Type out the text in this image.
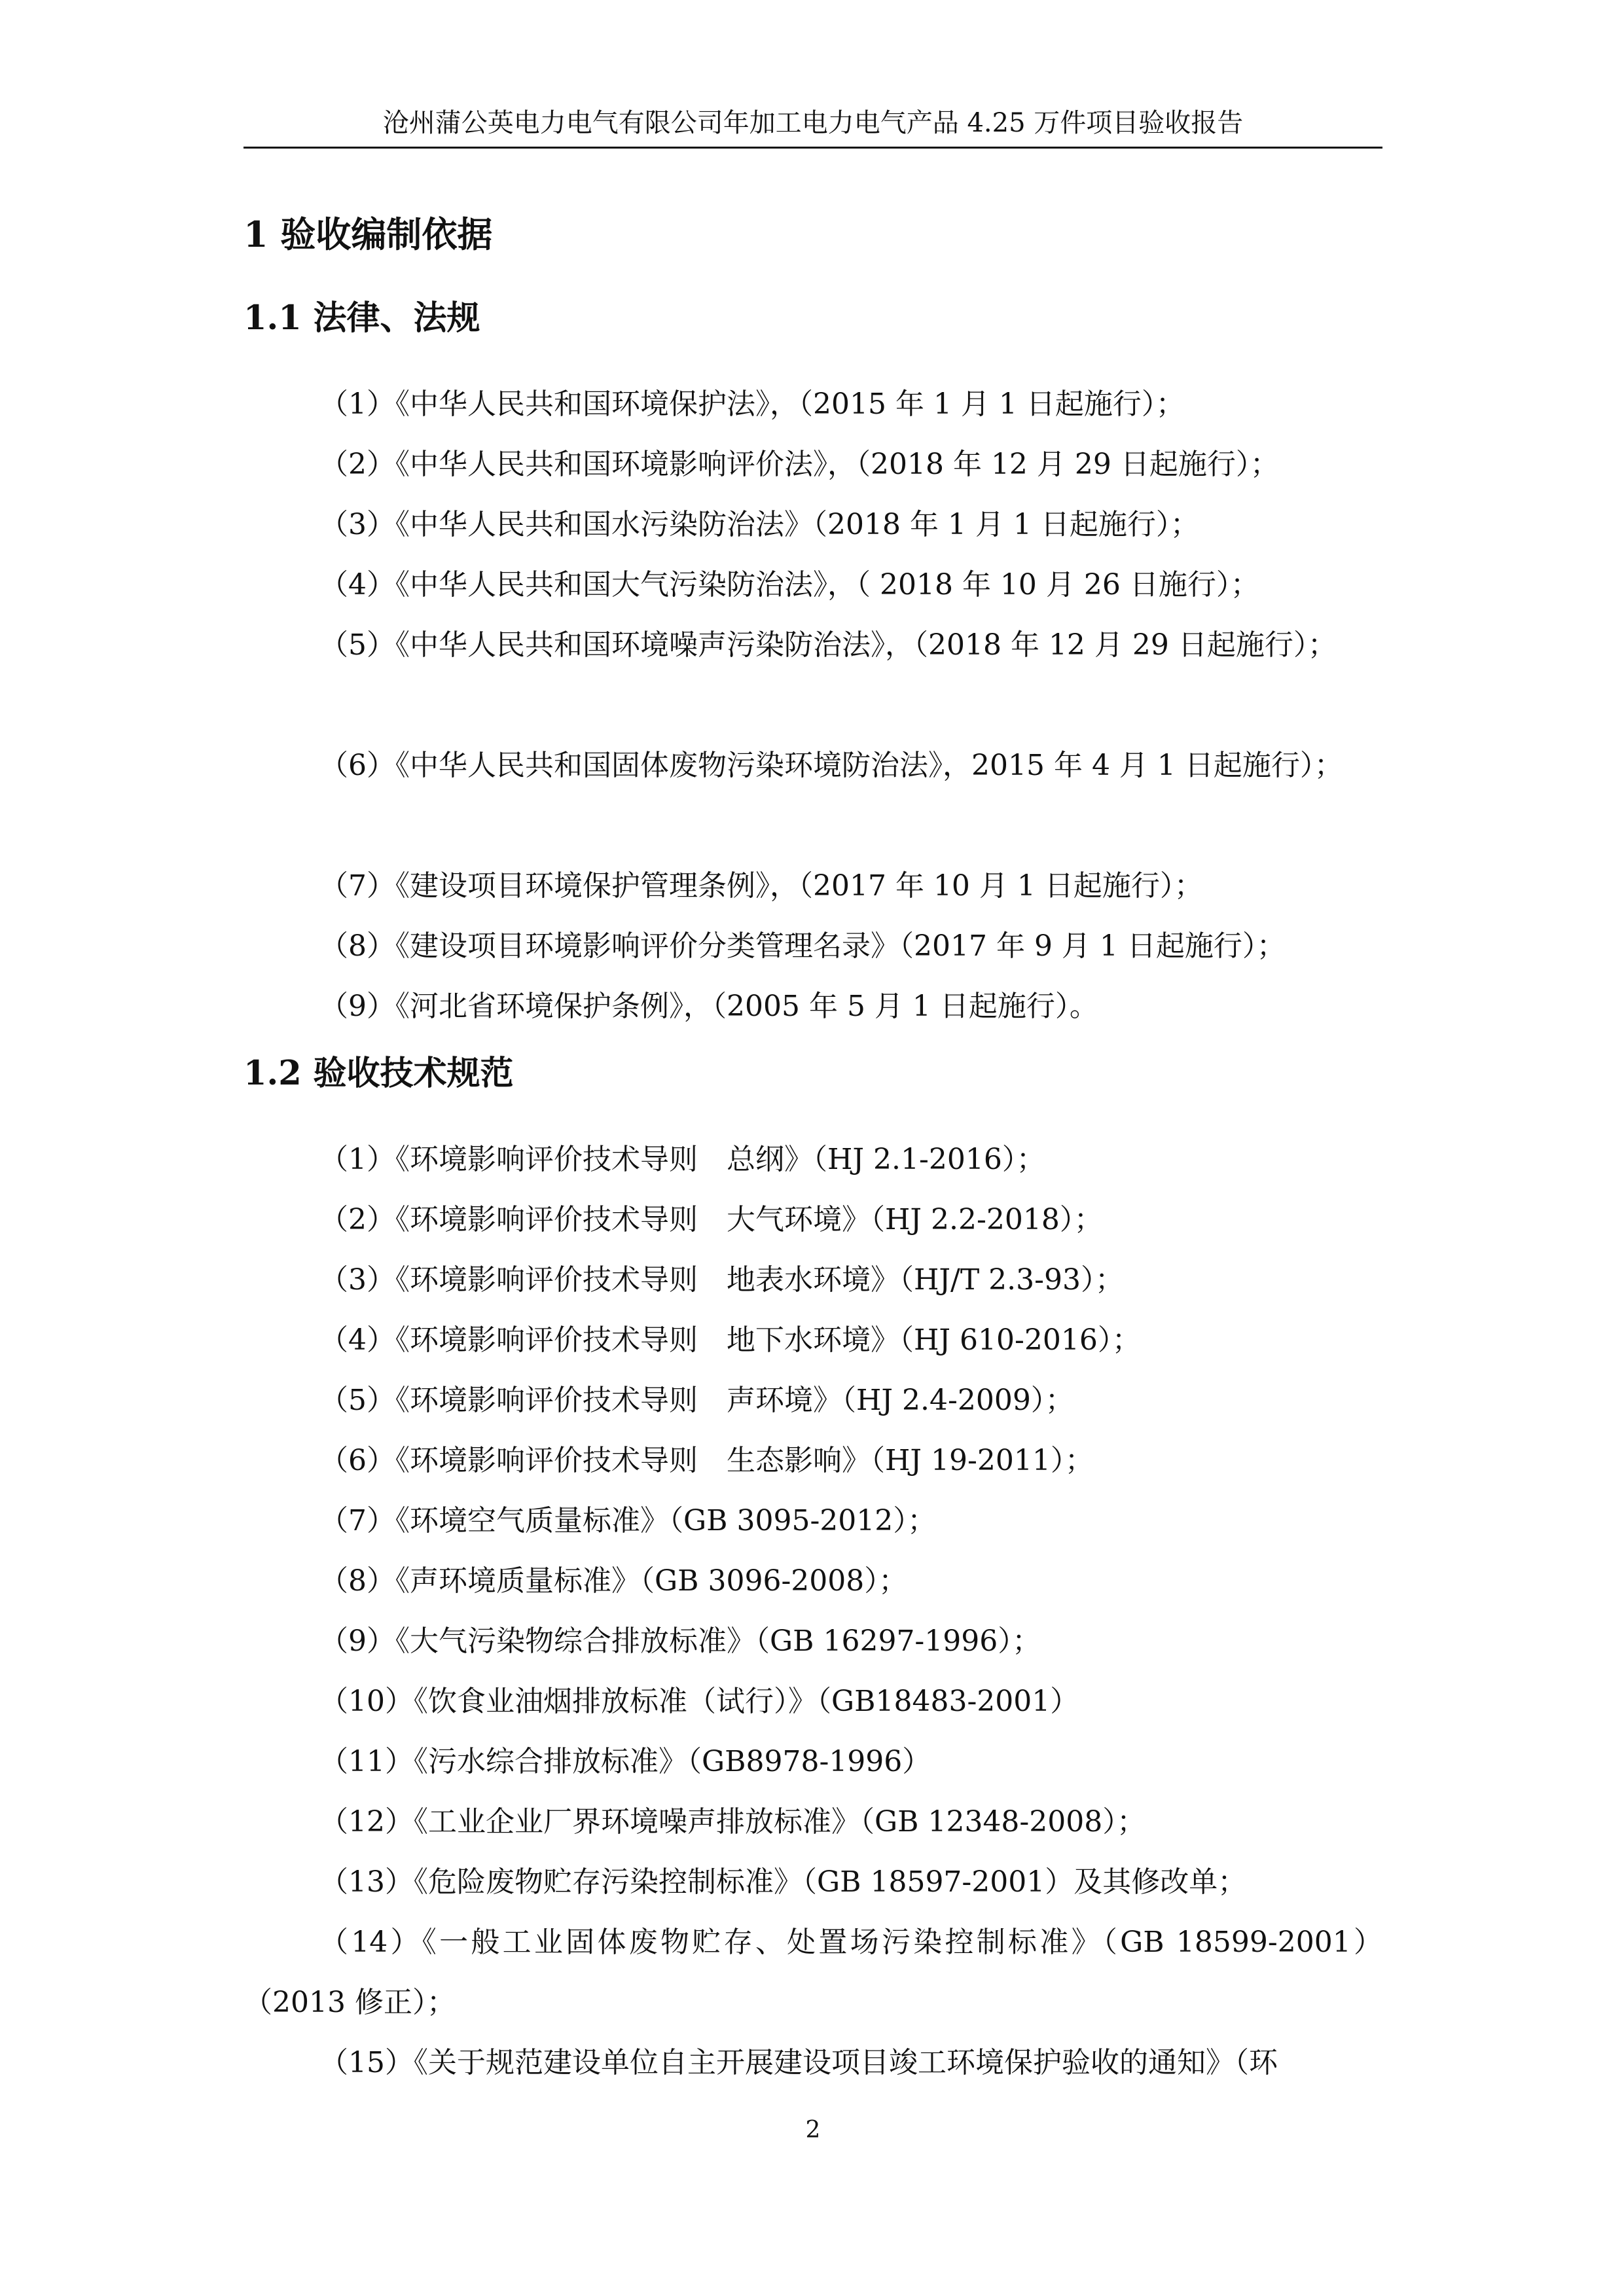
沧州蒲公英电力电气有限公司年加工电力电气产品 4.25 万件项目验收报告
1 验收编制依据
1.1 法律、法规
（1）《中华人民共和国环境保护法》，（2015 年 1 月 1 日起施行）；
（2）《中华人民共和国环境影响评价法》，（2018 年 12 月 29 日起施行）；
（3）《中华人民共和国水污染防治法》（2018 年 1 月 1 日起施行）；
（4）《中华人民共和国大气污染防治法》，（ 2018 年 10 月 26 日施行）；
（5）《中华人民共和国环境噪声污染防治法》，（2018 年 12 月 29 日起施行）；
（6）《中华人民共和国固体废物污染环境防治法》，2015 年 4 月 1 日起施行）；
（7）《建设项目环境保护管理条例》，（2017 年 10 月 1 日起施行）；
（8）《建设项目环境影响评价分类管理名录》（2017 年 9 月 1 日起施行）；
（9）《河北省环境保护条例》，（2005 年 5 月 1 日起施行）。
1.2 验收技术规范
（1）《环境影响评价技术导则　总纲》（HJ 2.1-2016）；
（2）《环境影响评价技术导则　大气环境》（HJ 2.2-2018）；
（3）《环境影响评价技术导则　地表水环境》（HJ/T 2.3-93）；
（4）《环境影响评价技术导则　地下水环境》（HJ 610-2016）；
（5）《环境影响评价技术导则　声环境》（HJ 2.4-2009）；
（6）《环境影响评价技术导则　生态影响》（HJ 19-2011）；
（7）《环境空气质量标准》（GB 3095-2012）；
（8）《声环境质量标准》（GB 3096-2008）；
（9）《大气污染物综合排放标准》（GB 16297-1996）；
（10）《饮食业油烟排放标准（试行）》（GB18483-2001）
（11）《污水综合排放标准》（GB8978-1996）
（12）《工业企业厂界环境噪声排放标准》（GB 12348-2008）；
（13）《危险废物贮存污染控制标准》（GB 18597-2001）及其修改单；
（14）《一般工业固体废物贮存、处置场污染控制标准》（GB 18599-2001）（2013 修正）；
（15）《关于规范建设单位自主开展建设项目竣工环境保护验收的通知》（环
2
